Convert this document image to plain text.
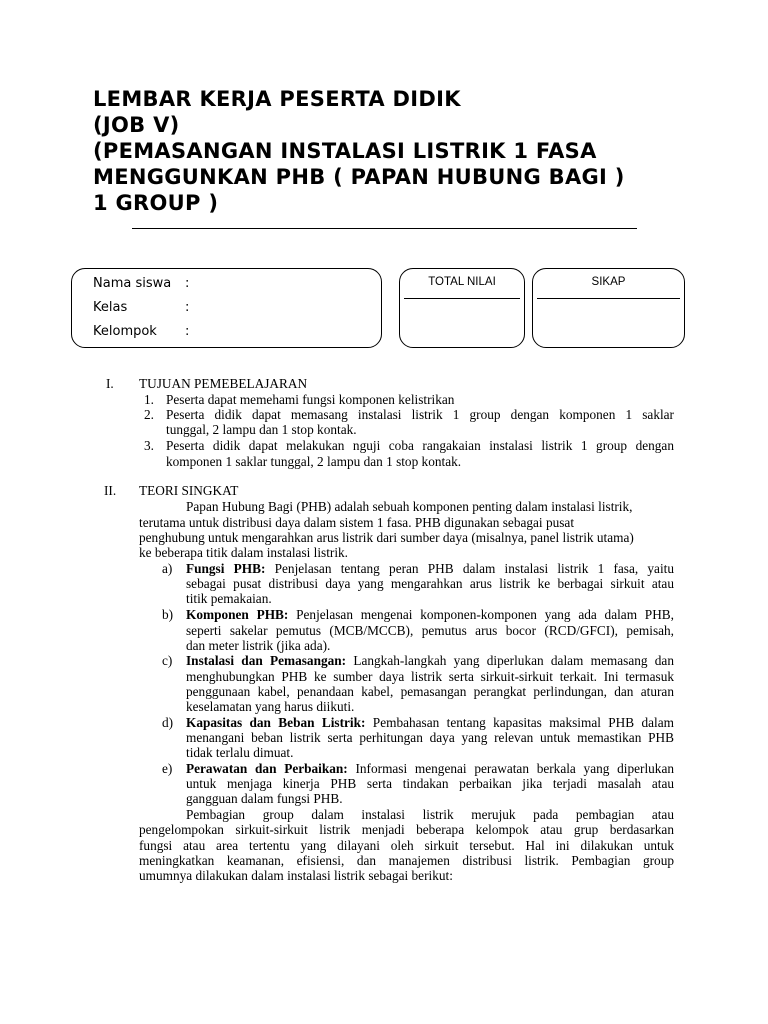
LEMBAR KERJA PESERTA DIDIK
(JOB V)
(PEMASANGAN INSTALASI LISTRIK 1 FASA
MENGGUNKAN PHB ( PAPAN HUBUNG BAGI )
1 GROUP )
Nama siswa :
Kelas	:
Kelompok :
TOTAL NILAI	SIKAP
I. TUJUAN PEMEBELAJARAN
1. Peserta dapat memehami fungsi komponen kelistrikan
2. Peserta didik dapat memasang instalasi listrik 1 group dengan komponen 1 saklar
tunggal, 2 lampu dan 1 stop kontak.
3. Peserta didik dapat melakukan nguji coba rangakaian instalasi listrik 1 group dengan
komponen 1 saklar tunggal, 2 lampu dan 1 stop kontak.
II. TEORI SINGKAT
Papan Hubung Bagi (PHB) adalah sebuah komponen penting dalam instalasi listrik,
terutama untuk distribusi daya dalam sistem 1 fasa. PHB digunakan sebagai pusat
penghubung untuk mengarahkan arus listrik dari sumber daya (misalnya, panel listrik utama)
ke beberapa titik dalam instalasi listrik.
a) Fungsi PHB: Penjelasan tentang peran PHB dalam instalasi listrik 1 fasa, yaitu
sebagai pusat distribusi daya yang mengarahkan arus listrik ke berbagai sirkuit atau
titik pemakaian.
b) Komponen PHB: Penjelasan mengenai komponen-komponen yang ada dalam PHB,
seperti sakelar pemutus (MCB/MCCB), pemutus arus bocor (RCD/GFCI), pemisah,
dan meter listrik (jika ada).
c) Instalasi dan Pemasangan: Langkah-langkah yang diperlukan dalam memasang dan
menghubungkan PHB ke sumber daya listrik serta sirkuit-sirkuit terkait. Ini termasuk
penggunaan kabel, penandaan kabel, pemasangan perangkat perlindungan, dan aturan
keselamatan yang harus diikuti.
d) Kapasitas dan Beban Listrik: Pembahasan tentang kapasitas maksimal PHB dalam
menangani beban listrik serta perhitungan daya yang relevan untuk memastikan PHB
tidak terlalu dimuat.
e) Perawatan dan Perbaikan: Informasi mengenai perawatan berkala yang diperlukan
untuk menjaga kinerja PHB serta tindakan perbaikan jika terjadi masalah atau
gangguan dalam fungsi PHB.
Pembagian group dalam instalasi listrik merujuk pada pembagian atau
pengelompokan sirkuit-sirkuit listrik menjadi beberapa kelompok atau grup berdasarkan
fungsi atau area tertentu yang dilayani oleh sirkuit tersebut. Hal ini dilakukan untuk
meningkatkan keamanan, efisiensi, dan manajemen distribusi listrik. Pembagian group
umumnya dilakukan dalam instalasi listrik sebagai berikut:
